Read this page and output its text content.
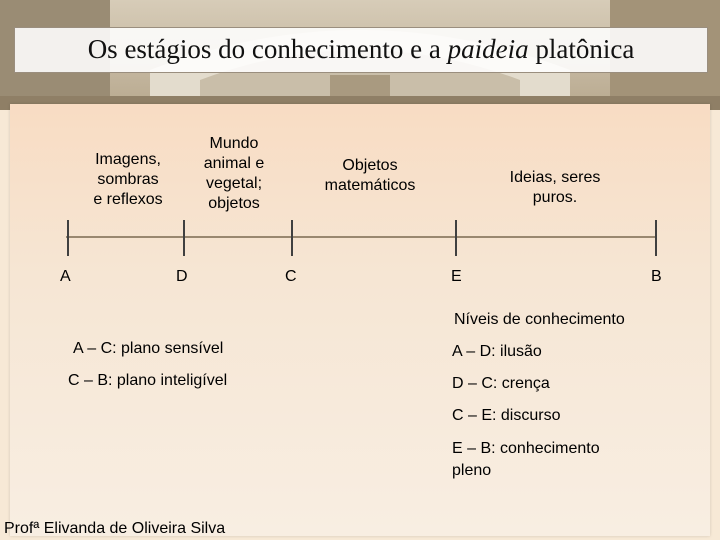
Os estágios do conhecimento e a paideia platônica
Imagens,
sombras
e reflexos
Mundo
animal e
vegetal;
objetos
Objetos
matemáticos	Ideias, seres
puros.
A	D	C	E	B
A – C: plano sensível
C – B: plano inteligível
Níveis de conhecimento
A – D: ilusão
D – C: crença
C – E: discurso
E – B: conhecimento
pleno
Profª Elivanda de Oliveira Silva
